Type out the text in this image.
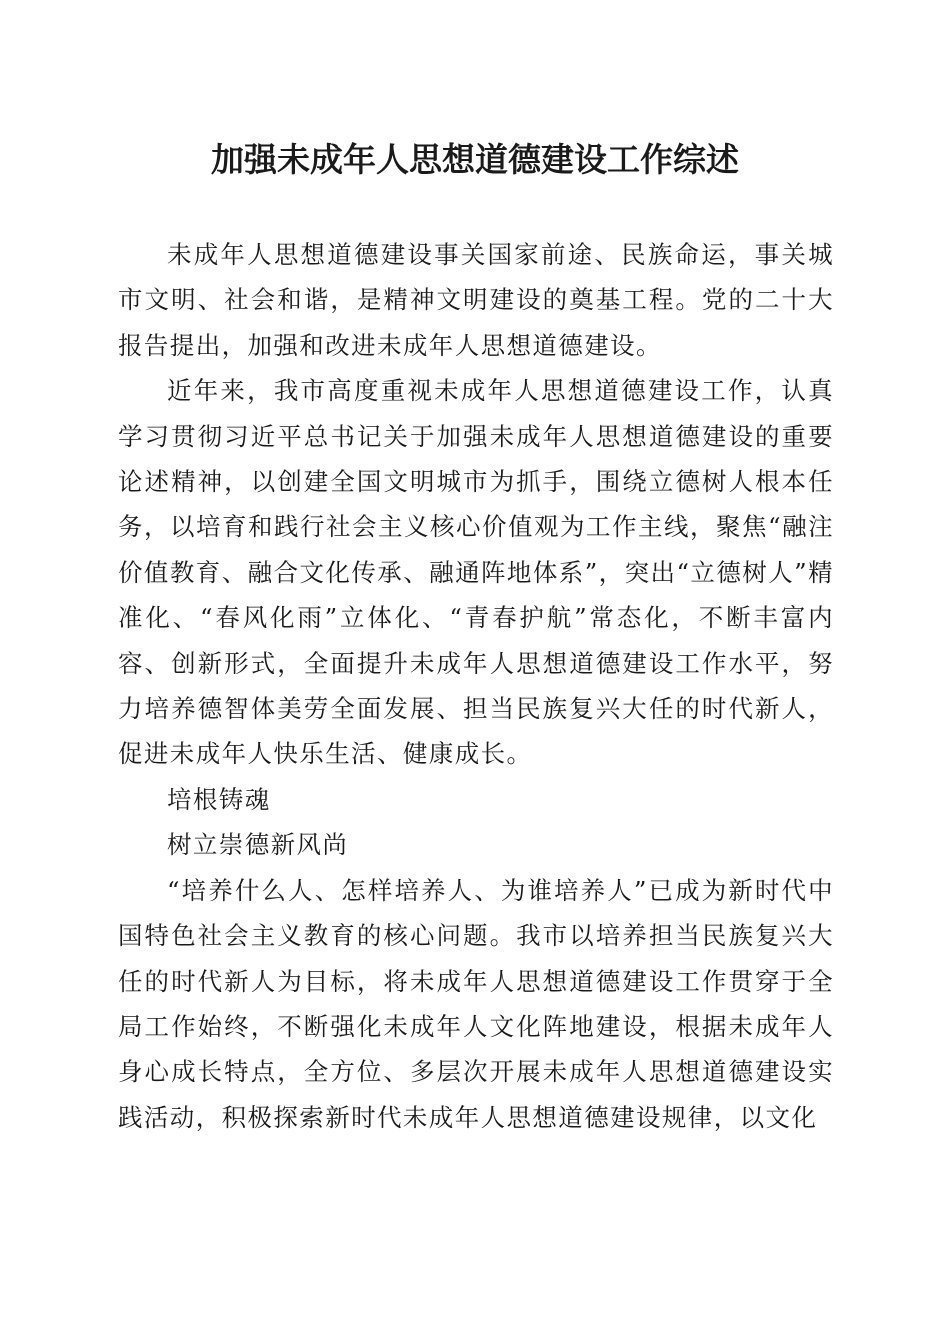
加强未成年人思想道德建设工作综述

未成年人思想道德建设事关国家前途、民族命运，事关城市文明、社会和谐，是精神文明建设的奠基工程。党的二十大报告提出，加强和改进未成年人思想道德建设。

近年来，我市高度重视未成年人思想道德建设工作，认真学习贯彻习近平总书记关于加强未成年人思想道德建设的重要论述精神，以创建全国文明城市为抓手，围绕立德树人根本任务，以培育和践行社会主义核心价值观为工作主线，聚焦“融注价值教育、融合文化传承、融通阵地体系”，突出“立德树人”精准化、“春风化雨”立体化、“青春护航”常态化，不断丰富内容、创新形式，全面提升未成年人思想道德建设工作水平，努力培养德智体美劳全面发展、担当民族复兴大任的时代新人，促进未成年人快乐生活、健康成长。

培根铸魂

树立崇德新风尚

“培养什么人、怎样培养人、为谁培养人”已成为新时代中国特色社会主义教育的核心问题。我市以培养担当民族复兴大任的时代新人为目标，将未成年人思想道德建设工作贯穿于全局工作始终，不断强化未成年人文化阵地建设，根据未成年人身心成长特点，全方位、多层次开展未成年人思想道德建设实践活动，积极探索新时代未成年人思想道德建设规律，以文化
